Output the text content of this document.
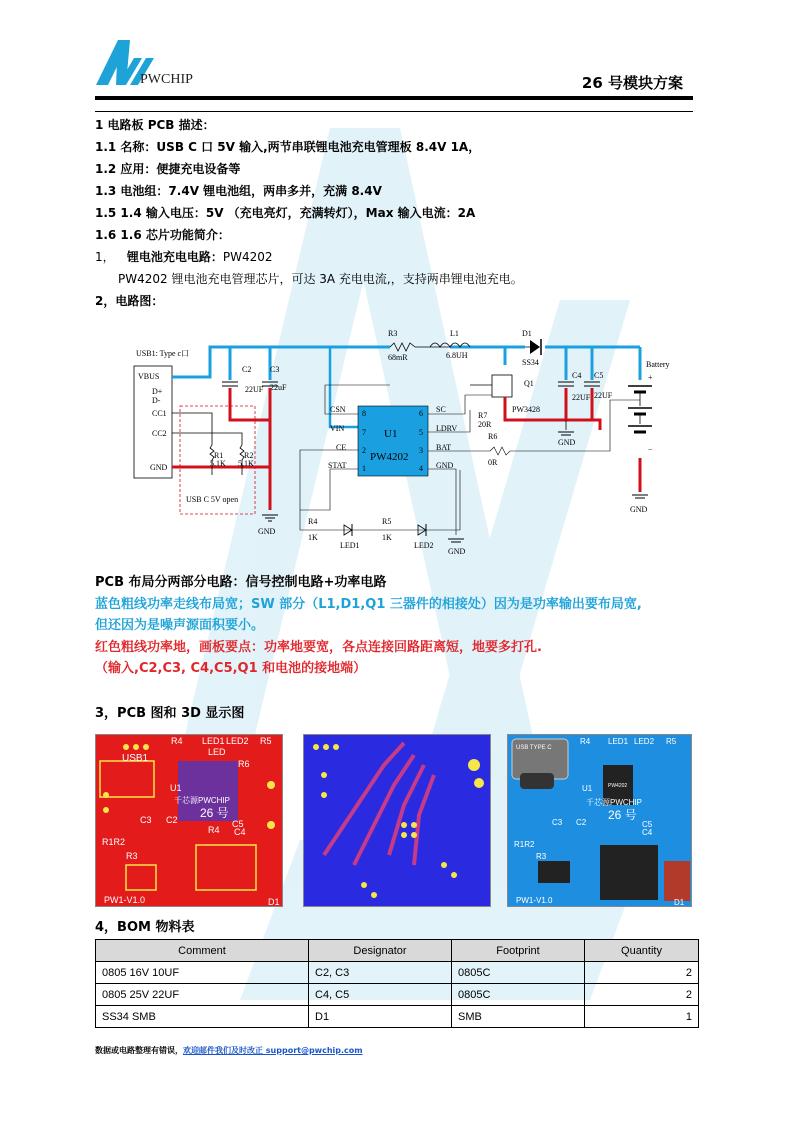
PWCHIP	26 号模块方案
1 电路板 PCB 描述：
1.1 名称：USB C 口 5V 输入,两节串联锂电池充电管理板 8.4V 1A，
1.2 应用：便捷充电设备等
1.3 电池组：7.4V 锂电池组，两串多并，充满 8.4V
1.5 1.4 输入电压：5V （充电亮灯，充满转灯），Max 输入电流：2A
1.6 1.6 芯片功能简介：
1， 锂电池充电电路：PW4202
PW4202 锂电池充电管理芯片，可达 3A 充电电流,，支持两串锂电池充电。
2，电路图：
USB1: Type c口
VBUS
D+
D-
CC1
CC2
GND
C2 C3
22UF 22uF
GND
R1
5.1K
R2
5.1K
USB C 5V open
R3
68mR
L1
6.8UH
D1
SS34
Q1
PW3428
C4 C5
22UF 22UF
GND
Battery
+
−
GND
U1
PW4202
CSN
VIN
CE
STAT
8
7
2
1
SC
LDRV
BAT
GND
6
5
3
4
R7
20R
R6
0R
R4
1K
R5
1K
LED1	LED2
GND
PCB 布局分两部分电路：信号控制电路+功率电路
蓝色粗线功率走线布局宽；SW 部分（L1,D1,Q1 三器件的相接处）因为是功率输出要布局宽,
但还因为是噪声源面积要小。
红色粗线功率地，画板要点：功率地要宽，各点连接回路距离短，地要多打孔.
（输入,C2,C3, C4,C5,Q1 和电池的接地端）
3，PCB 图和 3D 显示图
R4 LED1 LED2 R5
USB1
LED
R6
U1
千芯源PWCHIP
26 号
C3 C2	C5
C4
R4
R1R2
R3
PW1-V1.0	D1
USB TYPE C
R4 LED1 LED2 R5
U1
千芯源PWCHIP
26 号
C3 C2	C5
C4
R1R2
R3
PW1-V1.0	D1
PW4202
4，BOM 物料表
Comment	Designator	Footprint	Quantity
0805 16V 10UF	C2, C3	0805C	2
0805 25V 22UF	C4, C5	0805C	2
SS34 SMB	D1	SMB	1
数据或电路整理有错误，欢迎邮件我们及时改正 support@pwchip.com
